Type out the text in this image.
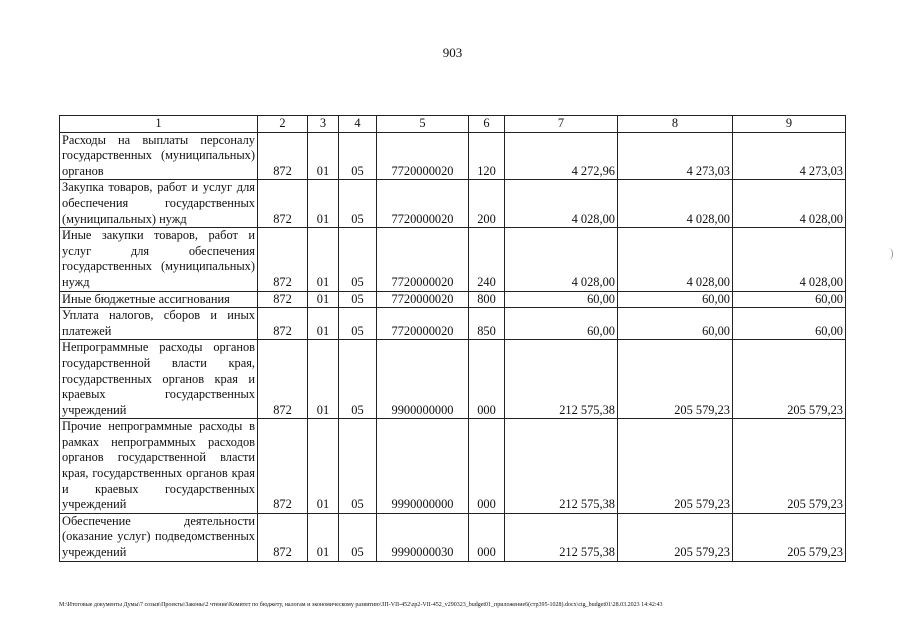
903
1	2	3	4	5	6	7	8	9
Расходы на выплаты персоналу государственных (муниципальных) органов	872	01	05	7720000020	120	4 272,96	4 273,03	4 273,03
Закупка товаров, работ и услуг для обеспечения государственных (муниципальных) нужд	872	01	05	7720000020	200	4 028,00	4 028,00	4 028,00
Иные закупки товаров, работ и услуг для обеспечения государственных (муниципальных) нужд	872	01	05	7720000020	240	4 028,00	4 028,00	4 028,00
Иные бюджетные ассигнования	872	01	05	7720000020	800	60,00	60,00	60,00
Уплата налогов, сборов и иных платежей	872	01	05	7720000020	850	60,00	60,00	60,00
Непрограммные расходы органов государственной власти края, государственных органов края и краевых государственных учреждений	872	01	05	9900000000	000	212 575,38	205 579,23	205 579,23
Прочие непрограммные расходы в рамках непрограммных расходов органов государственной власти края, государственных органов края и краевых государственных учреждений	872	01	05	9990000000	000	212 575,38	205 579,23	205 579,23
Обеспечение деятельности (оказание услуг) подведомственных учреждений	872	01	05	9990000030	000	212 575,38	205 579,23	205 579,23
M:\Итоговые документы Думы\7 созыв\Проекты\Законы\2 чтение\Комитет по бюджету, налогам и экономическому развитию\ЗП-VII-452\zp2-VII-452_v290323_budget01_приложение6(стр395-1028).docx\ctg_budget01\28.03.2023 14:42:43
